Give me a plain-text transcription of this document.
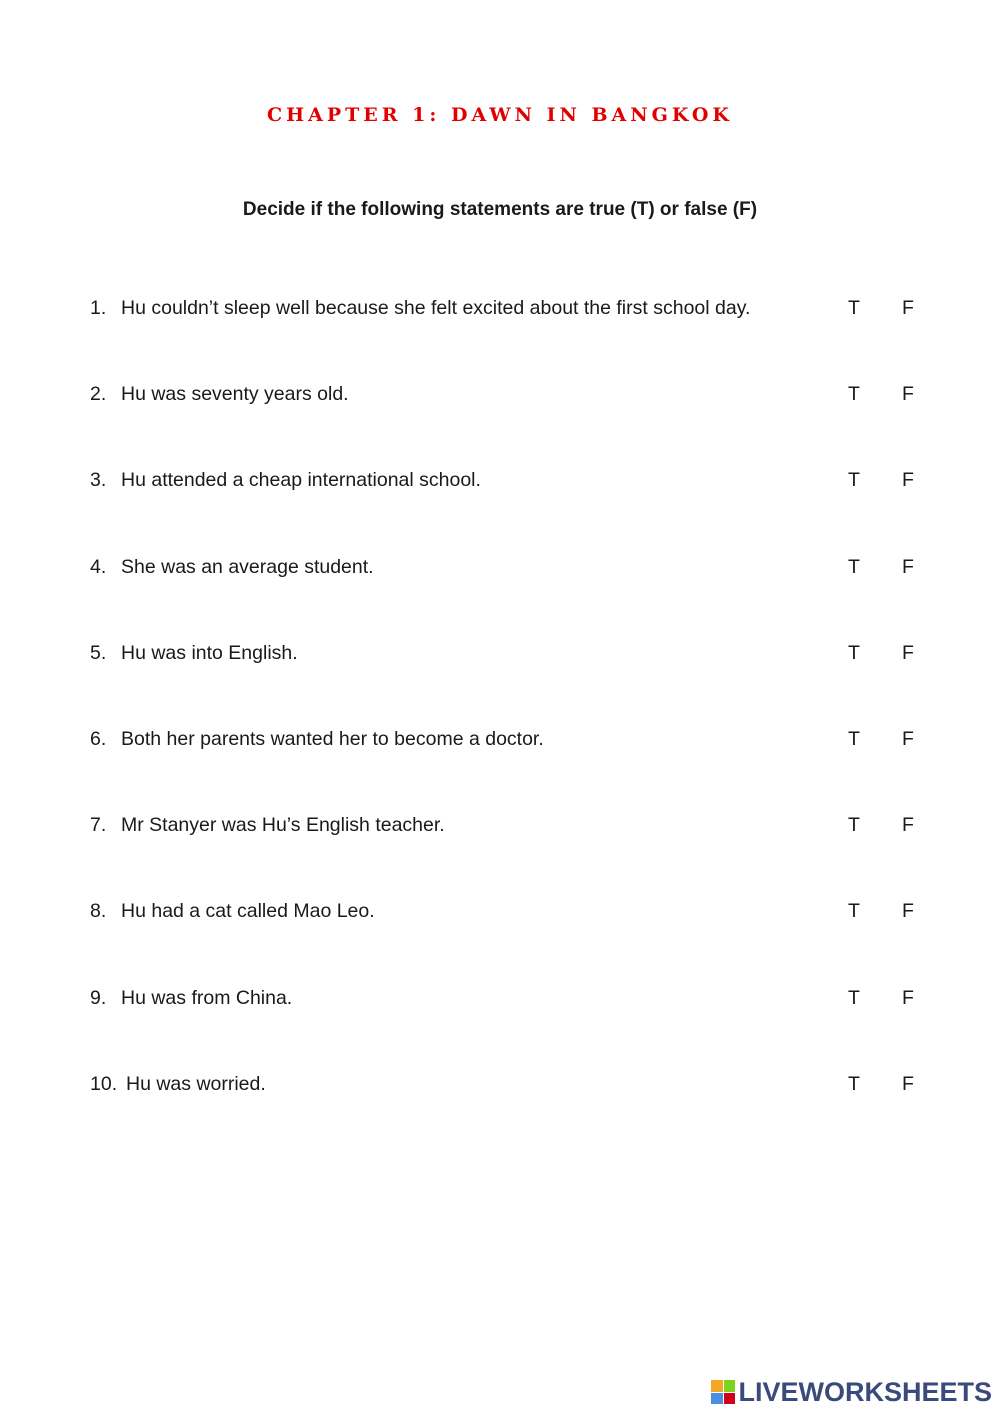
CHAPTER 1: DAWN IN BANGKOK
Decide if the following statements are true (T) or false (F)
1. Hu couldn’t sleep well because she felt excited about the first school day.	T F
2. Hu was seventy years old.	T F
3. Hu attended a cheap international school.	T F
4. She was an average student.	T F
5. Hu was into English.	T F
6. Both her parents wanted her to become a doctor.	T F
7. Mr Stanyer was Hu’s English teacher.	T F
8. Hu had a cat called Mao Leo.	T F
9. Hu was from China.	T F
10. Hu was worried.	T F
LIVEWORKSHEETS
